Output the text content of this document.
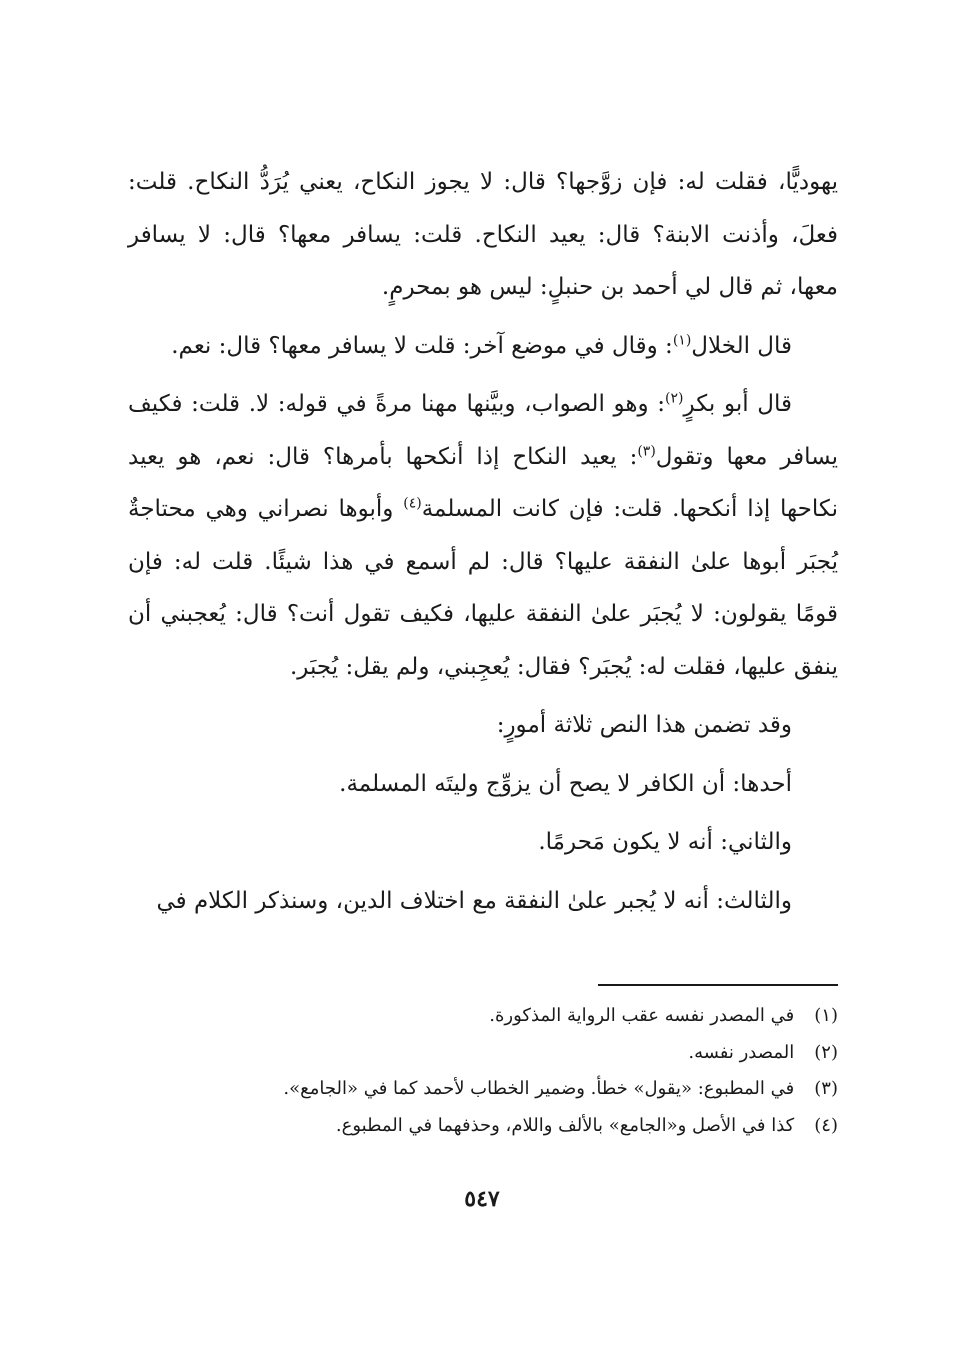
يهوديًّا، فقلت له: فإن زوَّجها؟ قال: لا يجوز النكاح، يعني يُرَدُّ النكاح. قلت: فعلَ، وأذنت الابنة؟ قال: يعيد النكاح. قلت: يسافر معها؟ قال: لا يسافر معها، ثم قال لي أحمد بن حنبلٍ: ليس هو بمحرمٍ.

قال الخلال$^{(١)}$: وقال في موضع آخر: قلت لا يسافر معها؟ قال: نعم.

قال أبو بكرٍ$^{(٢)}$: وهو الصواب، وبيَّنها مهنا مرةً في قوله: لا. قلت: فكيف يسافر معها وتقول$^{(٣)}$: يعيد النكاح إذا أنكحها بأمرها؟ قال: نعم، هو يعيد نكاحها إذا أنكحها. قلت: فإن كانت المسلمة$^{(٤)}$ وأبوها نصراني وهي محتاجةٌ يُجبَر أبوها علىٰ النفقة عليها؟ قال: لم أسمع في هذا شيئًا. قلت له: فإن قومًا يقولون: لا يُجبَر علىٰ النفقة عليها، فكيف تقول أنت؟ قال: يُعجبني أن ينفق عليها، فقلت له: يُجبَر؟ فقال: يُعجِبني، ولم يقل: يُجبَر.

وقد تضمن هذا النص ثلاثة أمورٍ:

أحدها: أن الكافر لا يصح أن يزوِّج وليتَه المسلمة.

والثاني: أنه لا يكون مَحرمًا.

والثالث: أنه لا يُجبر علىٰ النفقة مع اختلاف الدين، وسنذكر الكلام في

(١) في المصدر نفسه عقب الرواية المذكورة.

(٢) المصدر نفسه.

(٣) في المطبوع: «يقول» خطأ. وضمير الخطاب لأحمد كما في «الجامع».

(٤) كذا في الأصل و«الجامع» بالألف واللام، وحذفهما في المطبوع.

٥٤٧
